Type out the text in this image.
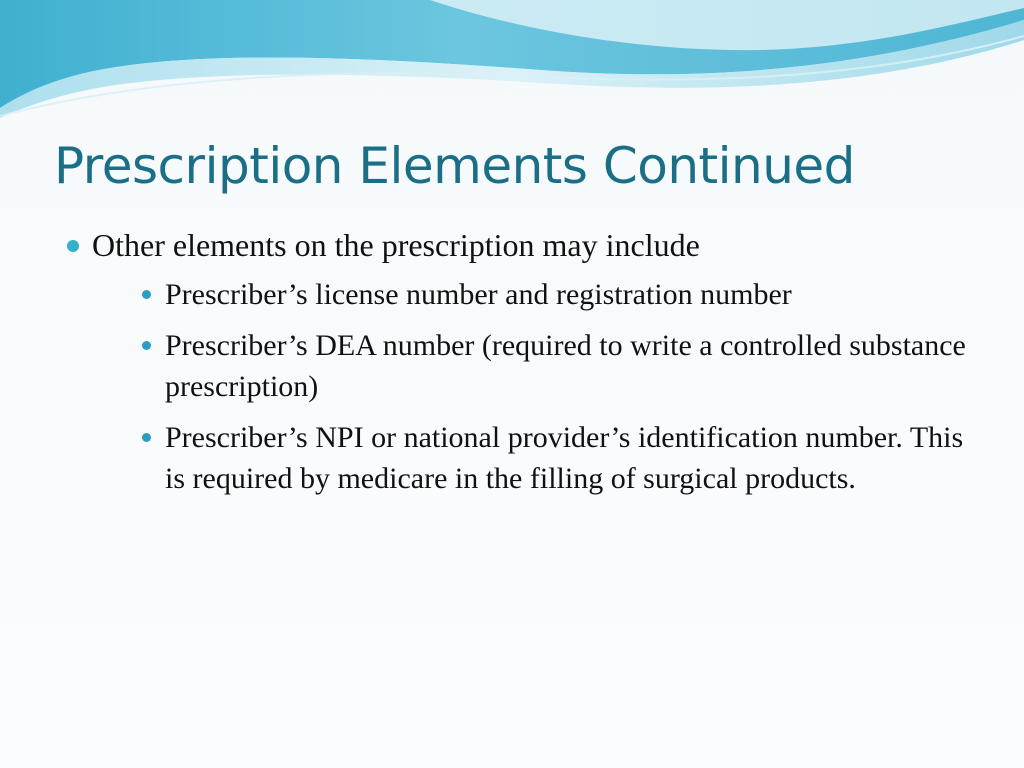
Prescription Elements Continued
Other elements on the prescription may include
Prescriber’s license number and registration number
Prescriber’s DEA number (required to write a controlled substance prescription)
Prescriber’s NPI or national provider’s identification number. This is required by medicare in the filling of surgical products.
